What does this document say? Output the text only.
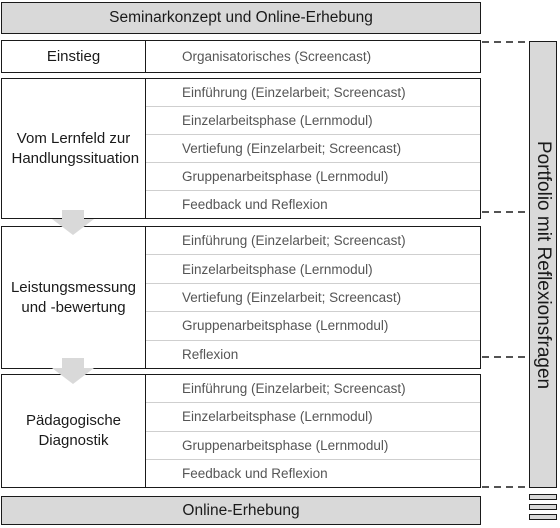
Seminarkonzept und Online-Erhebung
Einstieg	Organisatorisches (Screencast)
Vom Lernfeld zur Handlungssituation
Einführung (Einzelarbeit; Screencast)
Einzelarbeitsphase (Lernmodul)
Vertiefung (Einzelarbeit; Screencast)
Gruppenarbeitsphase (Lernmodul)
Feedback und Reflexion
Leistungsmessung und -bewertung
Einführung (Einzelarbeit; Screencast)
Einzelarbeitsphase (Lernmodul)
Vertiefung (Einzelarbeit; Screencast)
Gruppenarbeitsphase (Lernmodul)
Reflexion
Pädagogische Diagnostik
Einführung (Einzelarbeit; Screencast)
Einzelarbeitsphase (Lernmodul)
Gruppenarbeitsphase (Lernmodul)
Feedback und Reflexion
Online-Erhebung
Portfolio mit Reflexionsfragen
